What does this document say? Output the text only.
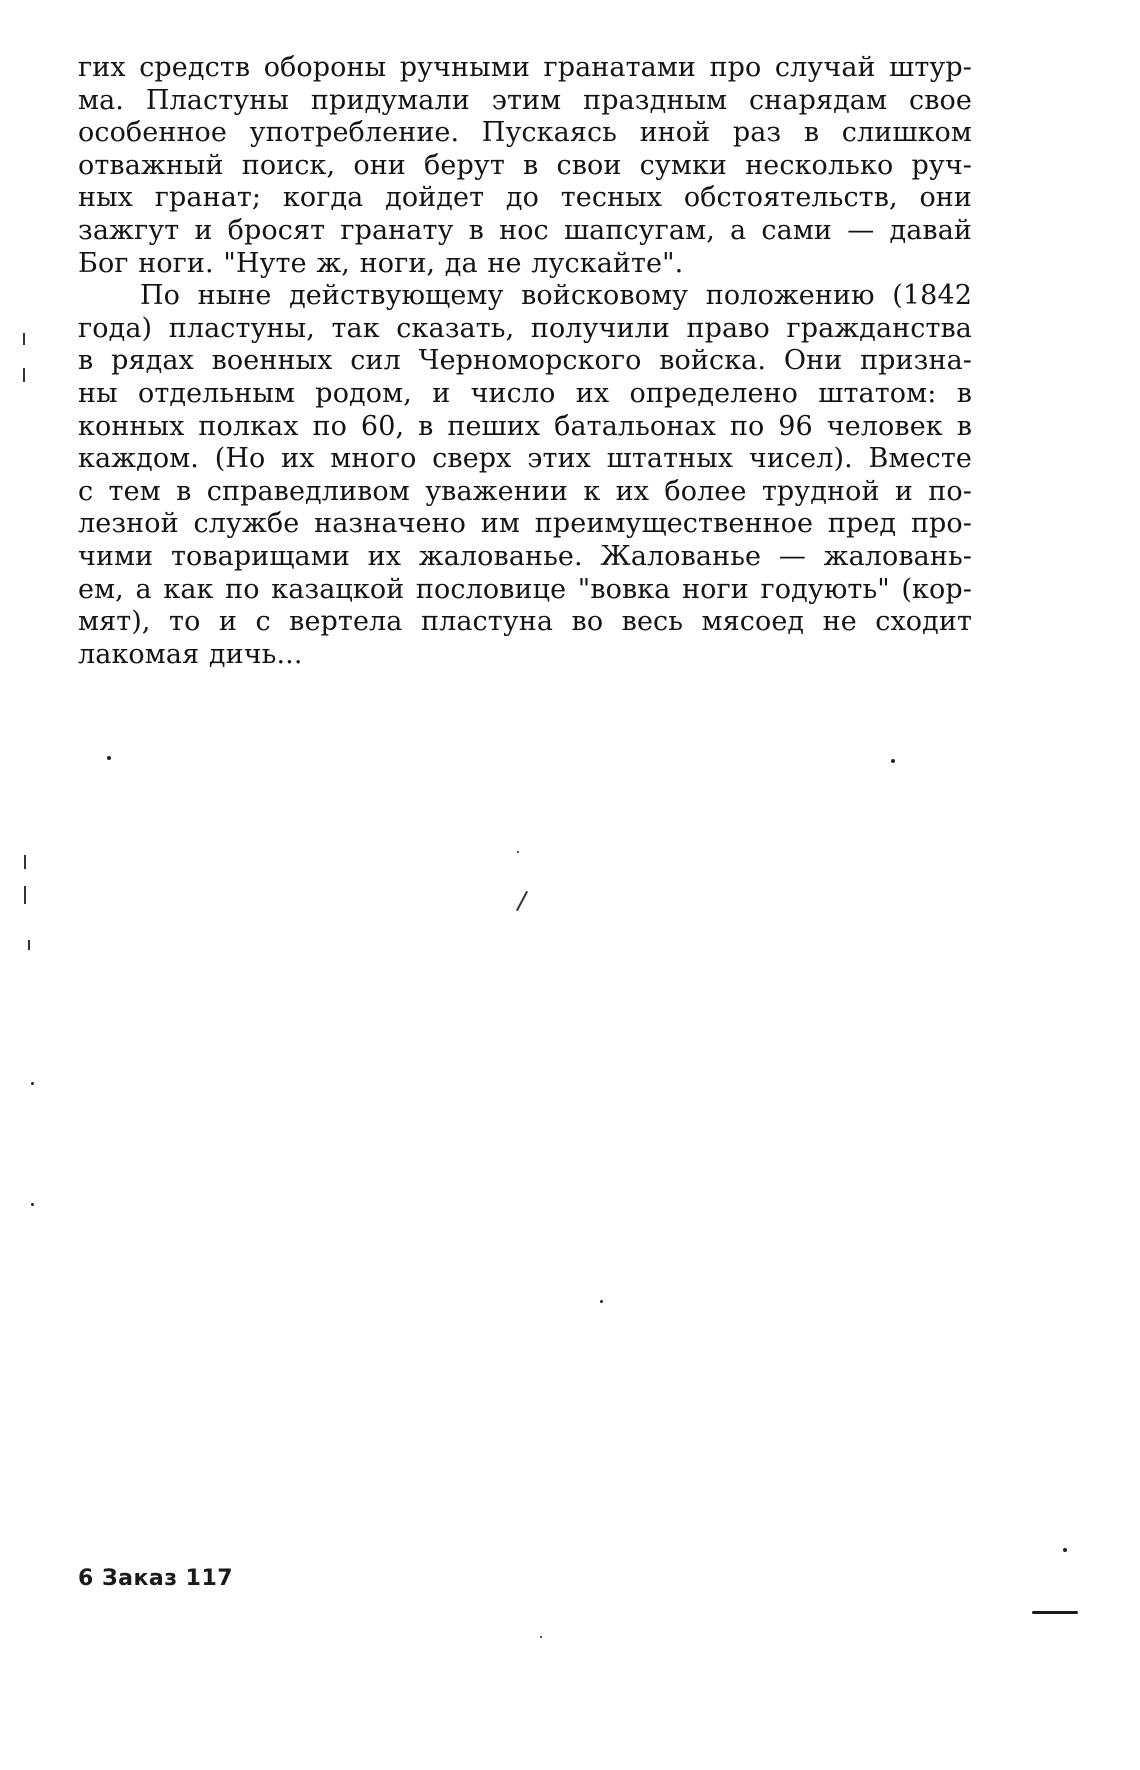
гих средств обороны ручными гранатами про случай штур-
ма. Пластуны придумали этим праздным снарядам свое
особенное употребление. Пускаясь иной раз в слишком
отважный поиск, они берут в свои сумки несколько руч-
ных гранат; когда дойдет до тесных обстоятельств, они
зажгут и бросят гранату в нос шапсугам, а сами — давай
Бог ноги. "Нуте ж, ноги, да не лускайте".

По ныне действующему войсковому положению (1842
года) пластуны, так сказать, получили право гражданства
в рядах военных сил Черноморского войска. Они призна-
ны отдельным родом, и число их определено штатом: в
конных полках по 60, в пеших батальонах по 96 человек в
каждом. (Но их много сверх этих штатных чисел). Вместе
с тем в справедливом уважении к их более трудной и по-
лезной службе назначено им преимущественное пред про-
чими товарищами их жалованье. Жалованье — жаловань-
ем, а как по казацкой пословице "вовка ноги годують" (кор-
мят), то и с вертела пластуна во весь мясоед не сходит
лакомая дичь...

6 Заказ 117
